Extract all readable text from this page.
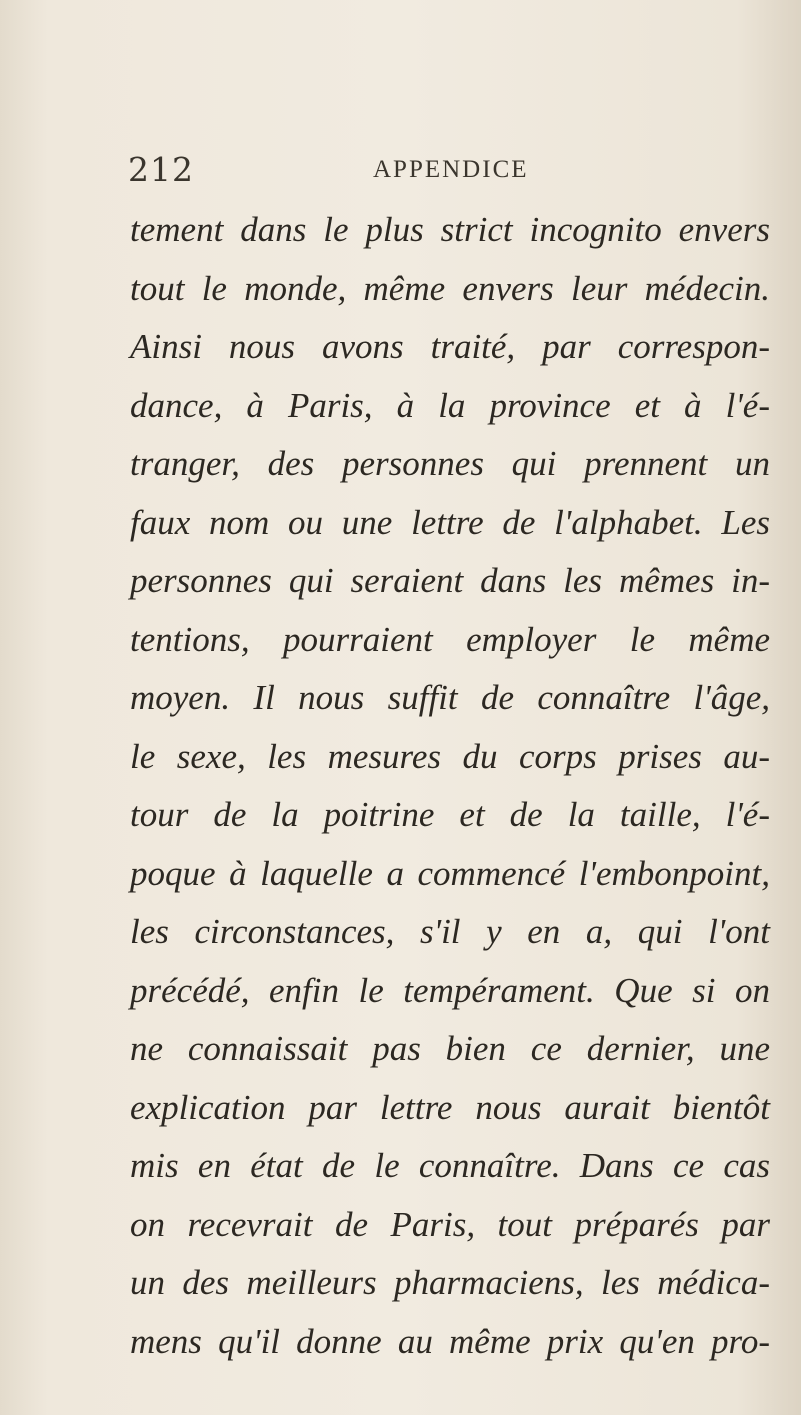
212	APPENDICE
tement dans le plus strict incognito envers
tout le monde, même envers leur médecin.
Ainsi nous avons traité, par correspon-
dance, à Paris, à la province et à l'é-
tranger, des personnes qui prennent un
faux nom ou une lettre de l'alphabet. Les
personnes qui seraient dans les mêmes in-
tentions, pourraient employer le même
moyen. Il nous suffit de connaître l'âge,
le sexe, les mesures du corps prises au-
tour de la poitrine et de la taille, l'é-
poque à laquelle a commencé l'embonpoint,
les circonstances, s'il y en a, qui l'ont
précédé, enfin le tempérament. Que si on
ne connaissait pas bien ce dernier, une
explication par lettre nous aurait bientôt
mis en état de le connaître. Dans ce cas
on recevrait de Paris, tout préparés par
un des meilleurs pharmaciens, les médica-
mens qu'il donne au même prix qu'en pro-
